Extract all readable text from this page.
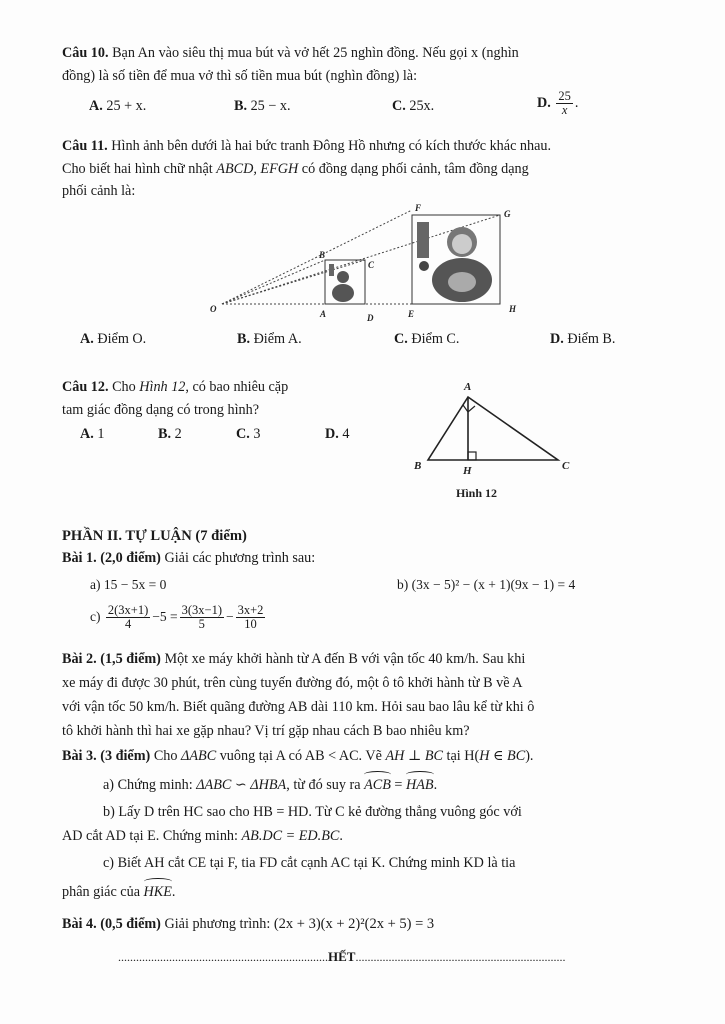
Câu 10. Bạn An vào siêu thị mua bút và vở hết 25 nghìn đồng. Nếu gọi x (nghìn
đồng) là số tiền để mua vở thì số tiền mua bút (nghìn đồng) là:
A. 25 + x.	B. 25 − x.	C. 25x.	D. $\frac{25}{x}$ .
Câu 11. Hình ảnh bên dưới là hai bức tranh Đông Hồ nhưng có kích thước khác nhau.
Cho biết hai hình chữ nhật ABCD, EFGH có đồng dạng phối cảnh, tâm đồng dạng
phối cảnh là:
O
B
C
A	D	E
F
G
H
A. Điểm O.	B. Điểm A.	C. Điểm C.	D. Điểm B.
Câu 12. Cho Hình 12, có bao nhiêu cặp
tam giác đồng dạng có trong hình?
A. 1	B. 2	C. 3	D. 4
A
B	C
H
Hình 12
PHẦN II. TỰ LUẬN (7 điểm)
Bài 1. (2,0 điểm) Giải các phương trình sau:
a) 15 − 5x = 0	b) (3x − 5)² − (x + 1)(9x − 1) = 4
$c) \frac{2(3x+1)}{4} -5 = \frac{3(3x-1)}{5} - \frac{3x+2}{10}$
Bài 2. (1,5 điểm) Một xe máy khởi hành từ A đến B với vận tốc 40 km/h. Sau khi
xe máy đi được 30 phút, trên cùng tuyến đường đó, một ô tô khởi hành từ B về A
với vận tốc 50 km/h. Biết quãng đường AB dài 110 km. Hỏi sau bao lâu kể từ khi ô
tô khởi hành thì hai xe gặp nhau? Vị trí gặp nhau cách B bao nhiêu km?
Bài 3. (3 điểm) Cho ΔABC vuông tại A có AB < AC. Vẽ AH ⊥ BC tại H(H ∈ BC).
a) Chứng minh: ΔABC ∽ ΔHBA, từ đó suy ra ACB = HAB.
b) Lấy D trên HC sao cho HB = HD. Từ C kẻ đường thẳng vuông góc với
AD cắt AD tại E. Chứng minh: AB.DC = ED.BC.
c) Biết AH cắt CE tại F, tia FD cắt cạnh AC tại K. Chứng minh KD là tia
phân giác của HKE.
Bài 4. (0,5 điểm) Giải phương trình: (2x + 3)(x + 2)²(2x + 5) = 3
......................................................................HẾT......................................................................
